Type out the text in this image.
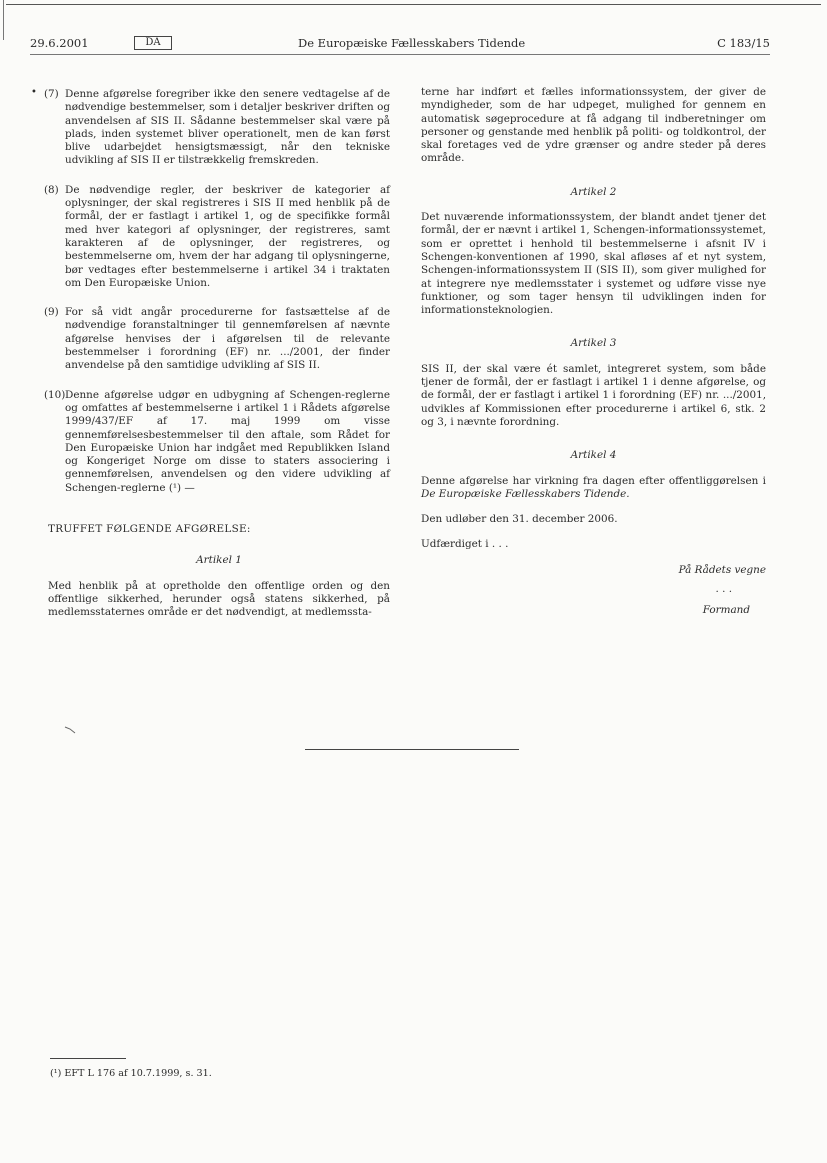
29.6.2001	DA	De Europæiske Fællesskabers Tidende	C 183/15
• (7) Denne afgørelse foregriber ikke den senere vedtagelse af de nødvendige bestemmelser, som i detaljer beskriver driften og anvendelsen af SIS II. Sådanne bestemmelser skal være på plads, inden systemet bliver operationelt, men de kan først blive udarbejdet hensigtsmæssigt, når den tekniske udvikling af SIS II er tilstrækkelig fremskreden.
(8) De nødvendige regler, der beskriver de kategorier af oplysninger, der skal registreres i SIS II med henblik på de formål, der er fastlagt i artikel 1, og de specifikke formål med hver kategori af oplysninger, der registreres, samt karakteren af de oplysninger, der registreres, og bestemmelserne om, hvem der har adgang til oplysningerne, bør vedtages efter bestemmelserne i artikel 34 i traktaten om Den Europæiske Union.
(9) For så vidt angår procedurerne for fastsættelse af de nødvendige foranstaltninger til gennemførelsen af nævnte afgørelse henvises der i afgørelsen til de relevante bestemmelser i forordning (EF) nr. .../2001, der finder anvendelse på den samtidige udvikling af SIS II.
(10) Denne afgørelse udgør en udbygning af Schengen-reglerne og omfattes af bestemmelserne i artikel 1 i Rådets afgørelse 1999/437/EF af 17. maj 1999 om visse gennemførelsesbestemmelser til den aftale, som Rådet for Den Europæiske Union har indgået med Republikken Island og Kongeriget Norge om disse to staters associering i gennemførelsen, anvendelsen og den videre udvikling af Schengen-reglerne (¹) —
TRUFFET FØLGENDE AFGØRELSE:
Artikel 1
Med henblik på at opretholde den offentlige orden og den offentlige sikkerhed, herunder også statens sikkerhed, på medlemsstaternes område er det nødvendigt, at medlemssta-
terne har indført et fælles informationssystem, der giver de myndigheder, som de har udpeget, mulighed for gennem en automatisk søgeprocedure at få adgang til indberetninger om personer og genstande med henblik på politi- og toldkontrol, der skal foretages ved de ydre grænser og andre steder på deres område.
Artikel 2
Det nuværende informationssystem, der blandt andet tjener det formål, der er nævnt i artikel 1, Schengen-informationssystemet, som er oprettet i henhold til bestemmelserne i afsnit IV i Schengen-konventionen af 1990, skal afløses af et nyt system, Schengen-informationssystem II (SIS II), som giver mulighed for at integrere nye medlemsstater i systemet og udføre visse nye funktioner, og som tager hensyn til udviklingen inden for informationsteknologien.
Artikel 3
SIS II, der skal være ét samlet, integreret system, som både tjener de formål, der er fastlagt i artikel 1 i denne afgørelse, og de formål, der er fastlagt i artikel 1 i forordning (EF) nr. .../2001, udvikles af Kommissionen efter procedurerne i artikel 6, stk. 2 og 3, i nævnte forordning.
Artikel 4
Denne afgørelse har virkning fra dagen efter offentliggørelsen i De Europæiske Fællesskabers Tidende.
Den udløber den 31. december 2006.
Udfærdiget i . . .
På Rådets vegne
. . .
Formand
(¹) EFT L 176 af 10.7.1999, s. 31.
